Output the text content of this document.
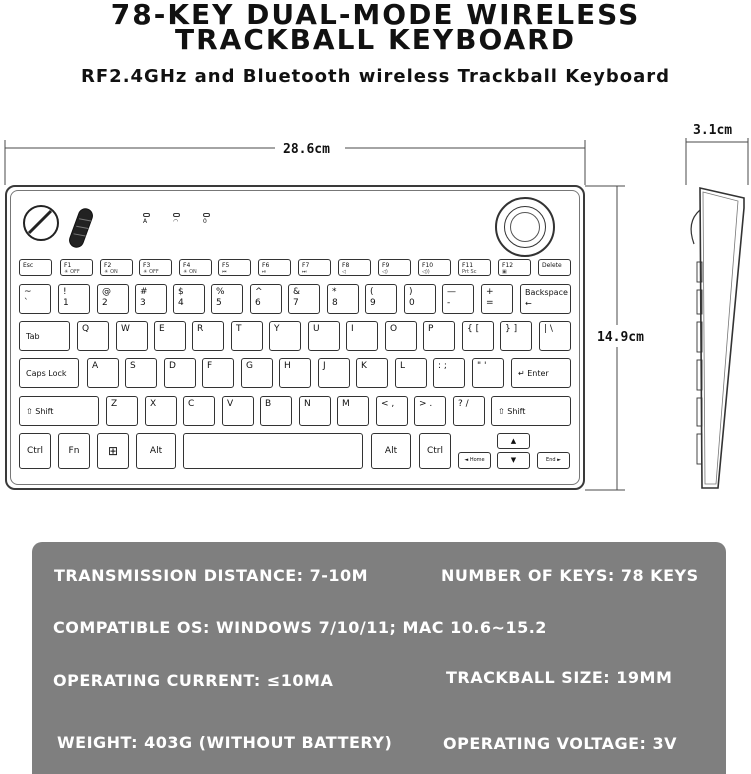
78-KEY DUAL-MODE WIRELESS
TRACKBALL KEYBOARD
RF2.4GHz and Bluetooth wireless Trackball Keyboard
28.6cm
14.9cm
3.1cm
A	◠	0
Esc	F1
☀ OFF
F2
☀ ON
F3
☀ OFF
F4
☀ ON
F5
⏮
F6
⏯
F7
⏭
F8
◁
F9
◁)
F10
◁))
F11
Prt Sc
F12
▣
Delete
~
`
!
1
@
2
#
3
$
4
%
5
^
6
&
7
*
8
(
9
)
0
—
-
+
=
Backspace
←
Tab
Q	W	E	R	T	Y	U	I	O	P	{ [	} ]	| \
Caps Lock
A	S	D	F	G	H	J	K	L	: ;	" '
↵ Enter
⇧ Shift
Z	X	C	V	B	N	M	< ,	> .	? /
⇧ Shift
Ctrl	Fn	⊞	Alt	Alt	Ctrl
▲
◄ Home	▼	End ►
TRANSMISSION DISTANCE: 7-10M	NUMBER OF KEYS: 78 KEYS
COMPATIBLE OS: WINDOWS 7/10/11; MAC 10.6~15.2
OPERATING CURRENT: ≤10MA	TRACKBALL SIZE: 19MM
WEIGHT: 403G (WITHOUT BATTERY)	OPERATING VOLTAGE: 3V
